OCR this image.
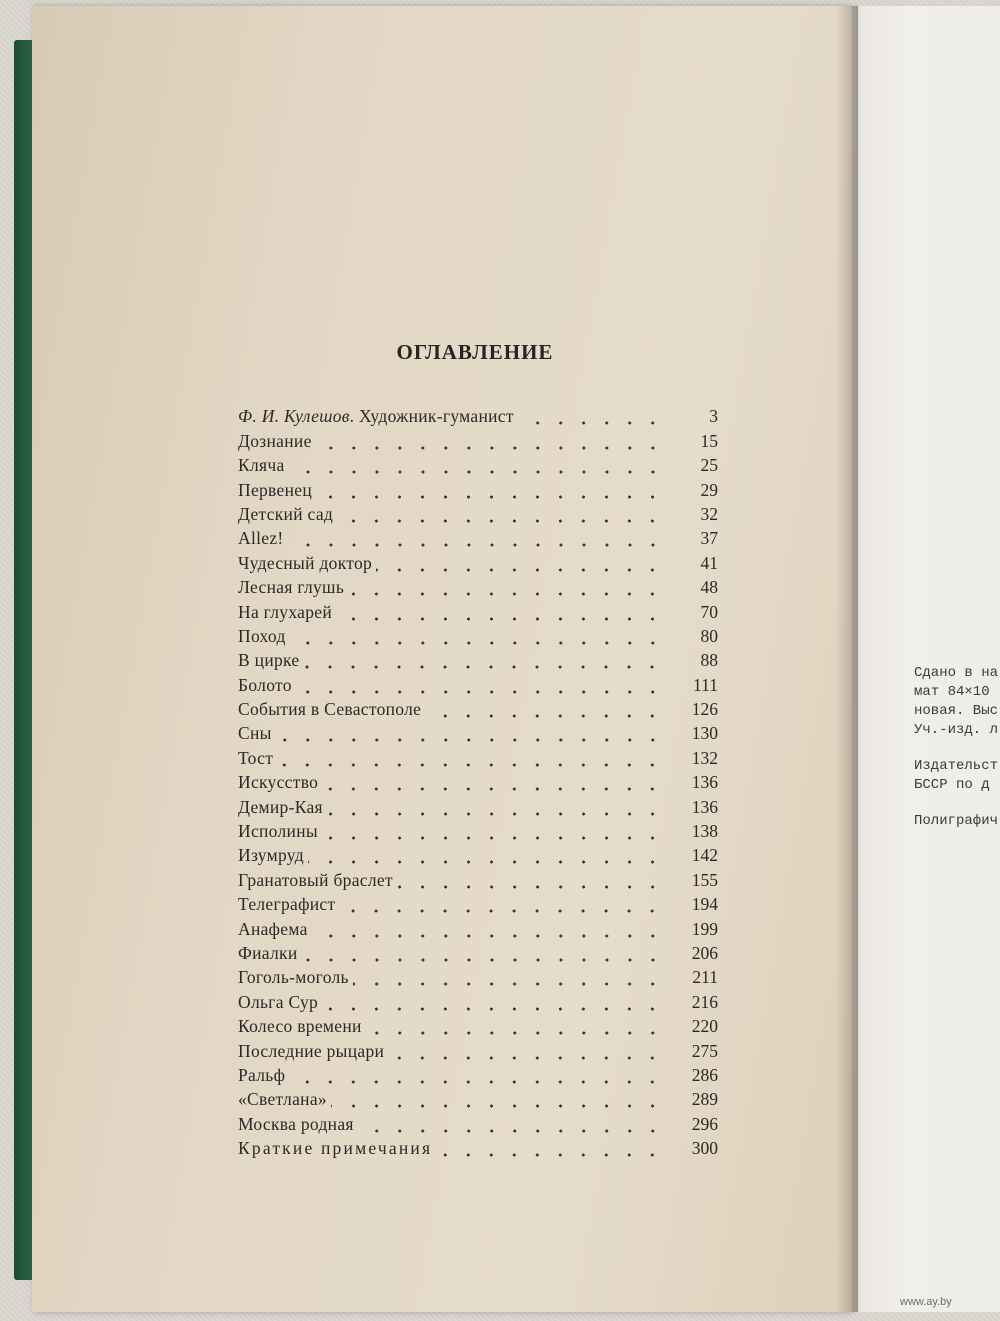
ОГЛАВЛЕНИЕ
Ф. И. Кулешов. Художник-гуманист	3
Дознание	15
Кляча	25
Первенец	29
Детский сад	32
Allez!	37
Чудесный доктор	41
Лесная глушь	48
На глухарей	70
Поход	80
В цирке	88
Болото	111
События в Севастополе	126
Сны	130
Тост	132
Искусство	136
Демир-Кая	136
Исполины	138
Изумруд	142
Гранатовый браслет	155
Телеграфист	194
Анафема	199
Фиалки	206
Гоголь-моголь	211
Ольга Сур	216
Колесо времени	220
Последние рыцари	275
Ральф	286
«Светлана»	289
Москва родная	296
Краткие примечания	300
Сдано в на
мат 84×10
новая. Выс
Уч.-изд. л
Издательст
БССР по д
Полиграфич
www.ay.by
